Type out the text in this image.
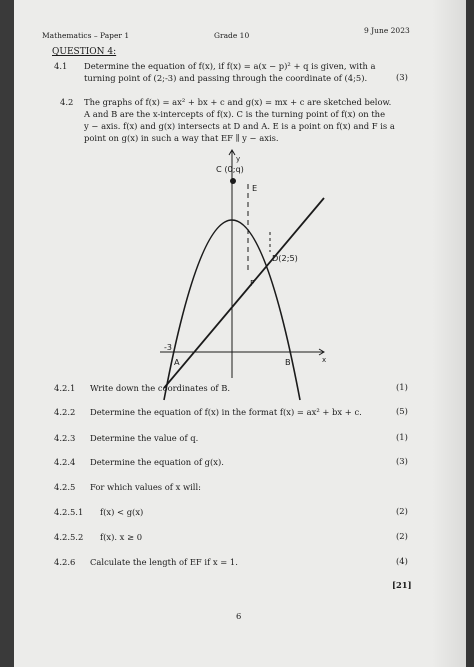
Mathematics – Paper 1	Grade 10
9 June 2023
QUESTION 4:
4.1 Determine the equation of f(x), if f(x) = a(x − p)² + q is given, with a
turning point of (2;-3) and passing through the coordinate of (4;5).	(3)
4.2 The graphs of f(x) = ax² + bx + c and g(x) = mx + c are sketched below.
A and B are the x-intercepts of f(x). C is the turning point of f(x) on the
y − axis. f(x) and g(x) intersects at D and A. E is a point on f(x) and F is a
point on g(x) in such a way that EF ∥ y − axis.
C (0;q)
E
D(2;5)
F
A	B
-3
y
x
4.2.1 Write down the coordinates of B.	(1)
4.2.2 Determine the equation of f(x) in the format f(x) = ax² + bx + c.	(5)
4.2.3 Determine the value of q.	(1)
4.2.4 Determine the equation of g(x).	(3)
4.2.5 For which values of x will:
4.2.5.1 f(x) < g(x)	(2)
4.2.5.2 f(x). x ≥ 0	(2)
4.2.6 Calculate the length of EF if x = 1.	(4)
[21]
6
